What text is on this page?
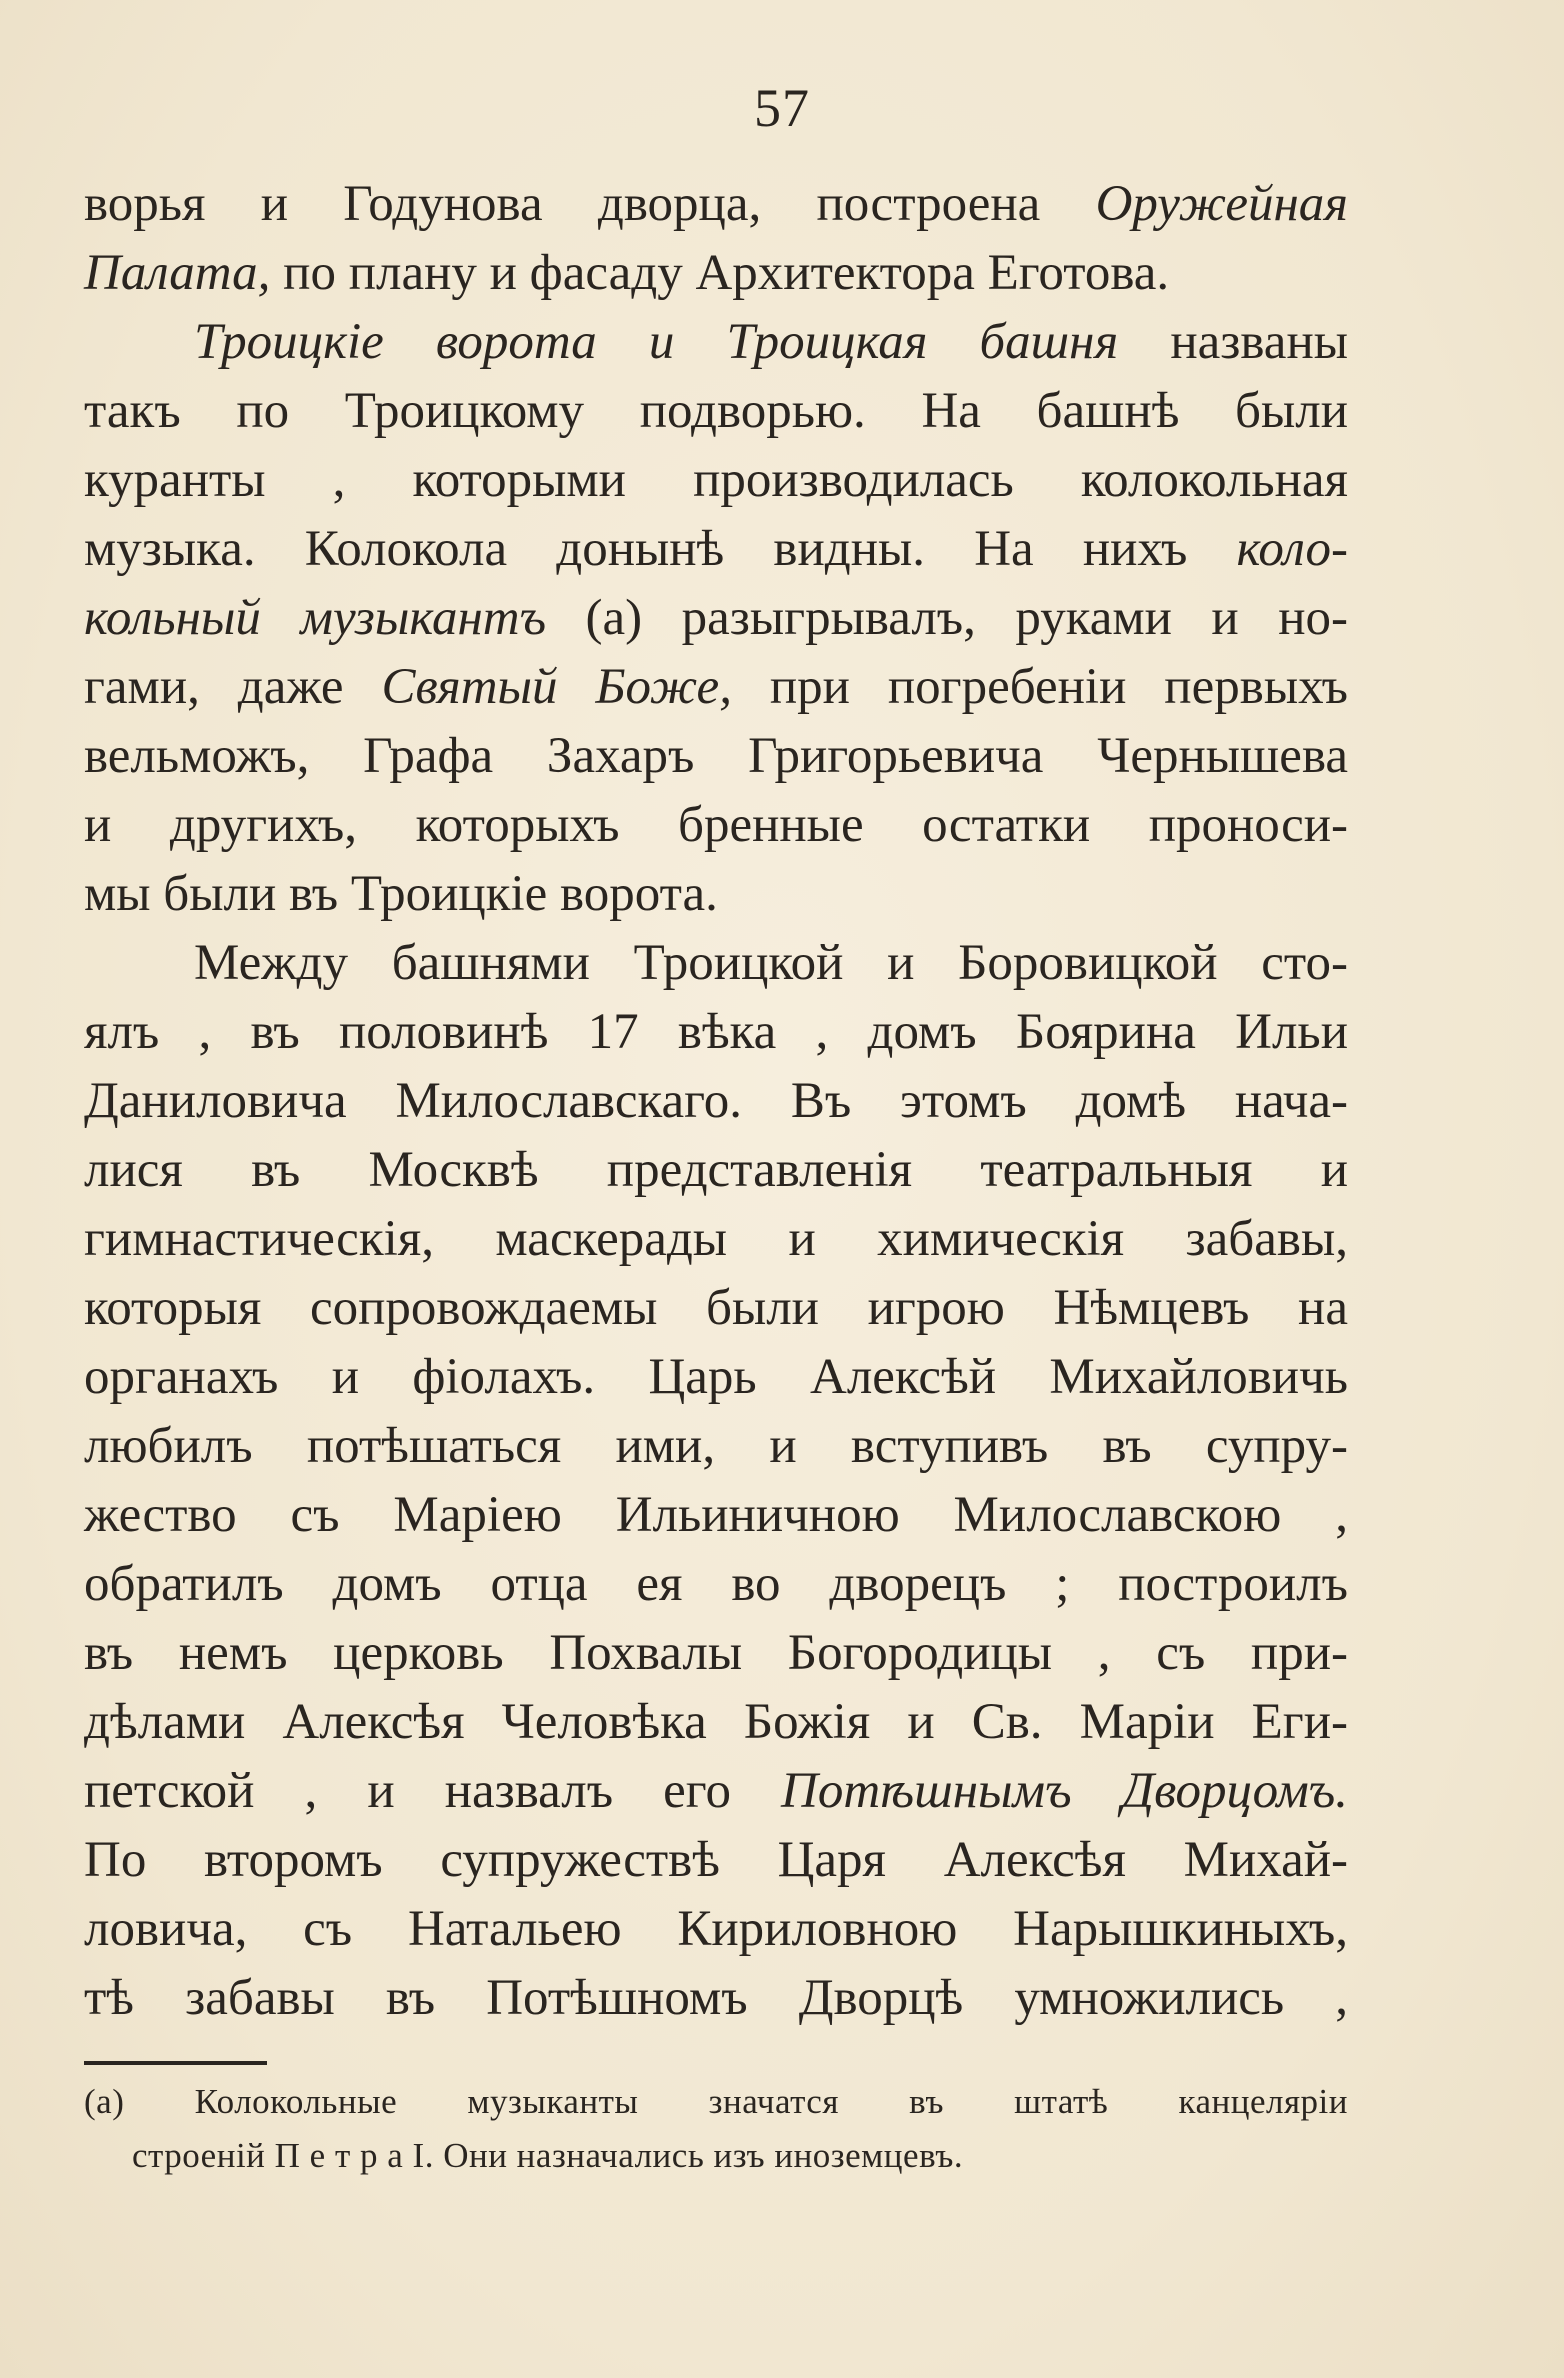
57
ворья и Годунова дворца, построена Оружейная
Палата, по плану и фасаду Архитектора Еготова.
Троицкіе ворота и Троицкая башня названы
такъ по Троицкому подворью. На башнѣ были
куранты , которыми производилась колокольная
музыка. Колокола донынѣ видны. На нихъ коло-
кольный музыкантъ (а) разыгрывалъ, руками и но-
гами, даже Святый Боже, при погребеніи первыхъ
вельможъ, Графа Захаръ Григорьевича Чернышева
и другихъ, которыхъ бренные остатки проноси-
мы были въ Троицкіе ворота.
Между башнями Троицкой и Боровицкой сто-
ялъ , въ половинѣ 17 вѣка , домъ Боярина Ильи
Даниловича Милославскаго. Въ этомъ домѣ нача-
лися въ Москвѣ представленія театральныя и
гимнастическія, маскерады и химическія забавы,
которыя сопровождаемы были игрою Нѣмцевъ на
органахъ и фіолахъ. Царь Алексѣй Михайловичь
любилъ потѣшаться ими, и вступивъ въ супру-
жество съ Маріею Ильиничною Милославскою ,
обратилъ домъ отца ея во дворецъ ; построилъ
въ немъ церковь Похвалы Богородицы , съ при-
дѣлами Алексѣя Человѣка Божія и Св. Маріи Еги-
петской , и назвалъ его Потѣшнымъ Дворцомъ.
По второмъ супружествѣ Царя Алексѣя Михай-
ловича, съ Натальею Кириловною Нарышкиныхъ,
тѣ забавы въ Потѣшномъ Дворцѣ умножились ,
(а) Колокольные музыканты значатся въ штатѣ канцеляріи
строеній П е т р а I. Они назначались изъ иноземцевъ.
